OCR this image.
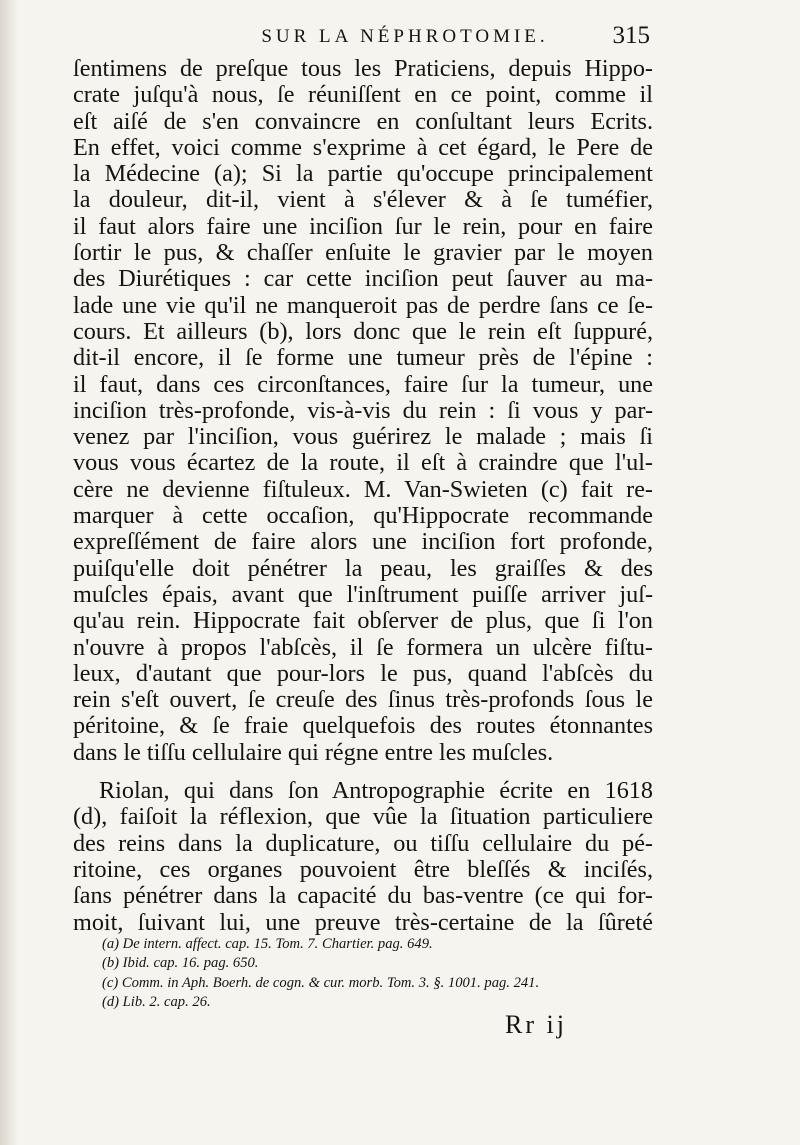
SUR LA NÉPHROTOMIE.	315
ſentimens de preſque tous les Praticiens, depuis Hippo-
crate juſqu'à nous, ſe réuniſſent en ce point, comme il
eſt aiſé de s'en convaincre en conſultant leurs Ecrits.
En effet, voici comme s'exprime à cet égard, le Pere de
la Médecine (a); Si la partie qu'occupe principalement
la douleur, dit-il, vient à s'élever & à ſe tuméfier,
il faut alors faire une inciſion ſur le rein, pour en faire
ſortir le pus, & chaſſer enſuite le gravier par le moyen
des Diurétiques : car cette inciſion peut ſauver au ma-
lade une vie qu'il ne manqueroit pas de perdre ſans ce ſe-
cours. Et ailleurs (b), lors donc que le rein eſt ſuppuré,
dit-il encore, il ſe forme une tumeur près de l'épine :
il faut, dans ces circonſtances, faire ſur la tumeur, une
inciſion très-profonde, vis-à-vis du rein : ſi vous y par-
venez par l'inciſion, vous guérirez le malade ; mais ſi
vous vous écartez de la route, il eſt à craindre que l'ul-
cère ne devienne fiſtuleux. M. Van-Swieten (c) fait re-
marquer à cette occaſion, qu'Hippocrate recommande
expreſſément de faire alors une inciſion fort profonde,
puiſqu'elle doit pénétrer la peau, les graiſſes & des
muſcles épais, avant que l'inſtrument puiſſe arriver juſ-
qu'au rein. Hippocrate fait obſerver de plus, que ſi l'on
n'ouvre à propos l'abſcès, il ſe formera un ulcère fiſtu-
leux, d'autant que pour-lors le pus, quand l'abſcès du
rein s'eſt ouvert, ſe creuſe des ſinus très-profonds ſous le
péritoine, & ſe fraie quelquefois des routes étonnantes
dans le tiſſu cellulaire qui régne entre les muſcles.
Riolan, qui dans ſon Antropographie écrite en 1618
(d), faiſoit la réflexion, que vûe la ſituation particuliere
des reins dans la duplicature, ou tiſſu cellulaire du pé-
ritoine, ces organes pouvoient être bleſſés & inciſés,
ſans pénétrer dans la capacité du bas-ventre (ce qui for-
moit, ſuivant lui, une preuve très-certaine de la ſûreté
(a) De intern. affect. cap. 15. Tom. 7. Chartier. pag. 649.
(b) Ibid. cap. 16. pag. 650.
(c) Comm. in Aph. Boerh. de cogn. & cur. morb. Tom. 3. §. 1001. pag. 241.
(d) Lib. 2. cap. 26.
Rr ij
